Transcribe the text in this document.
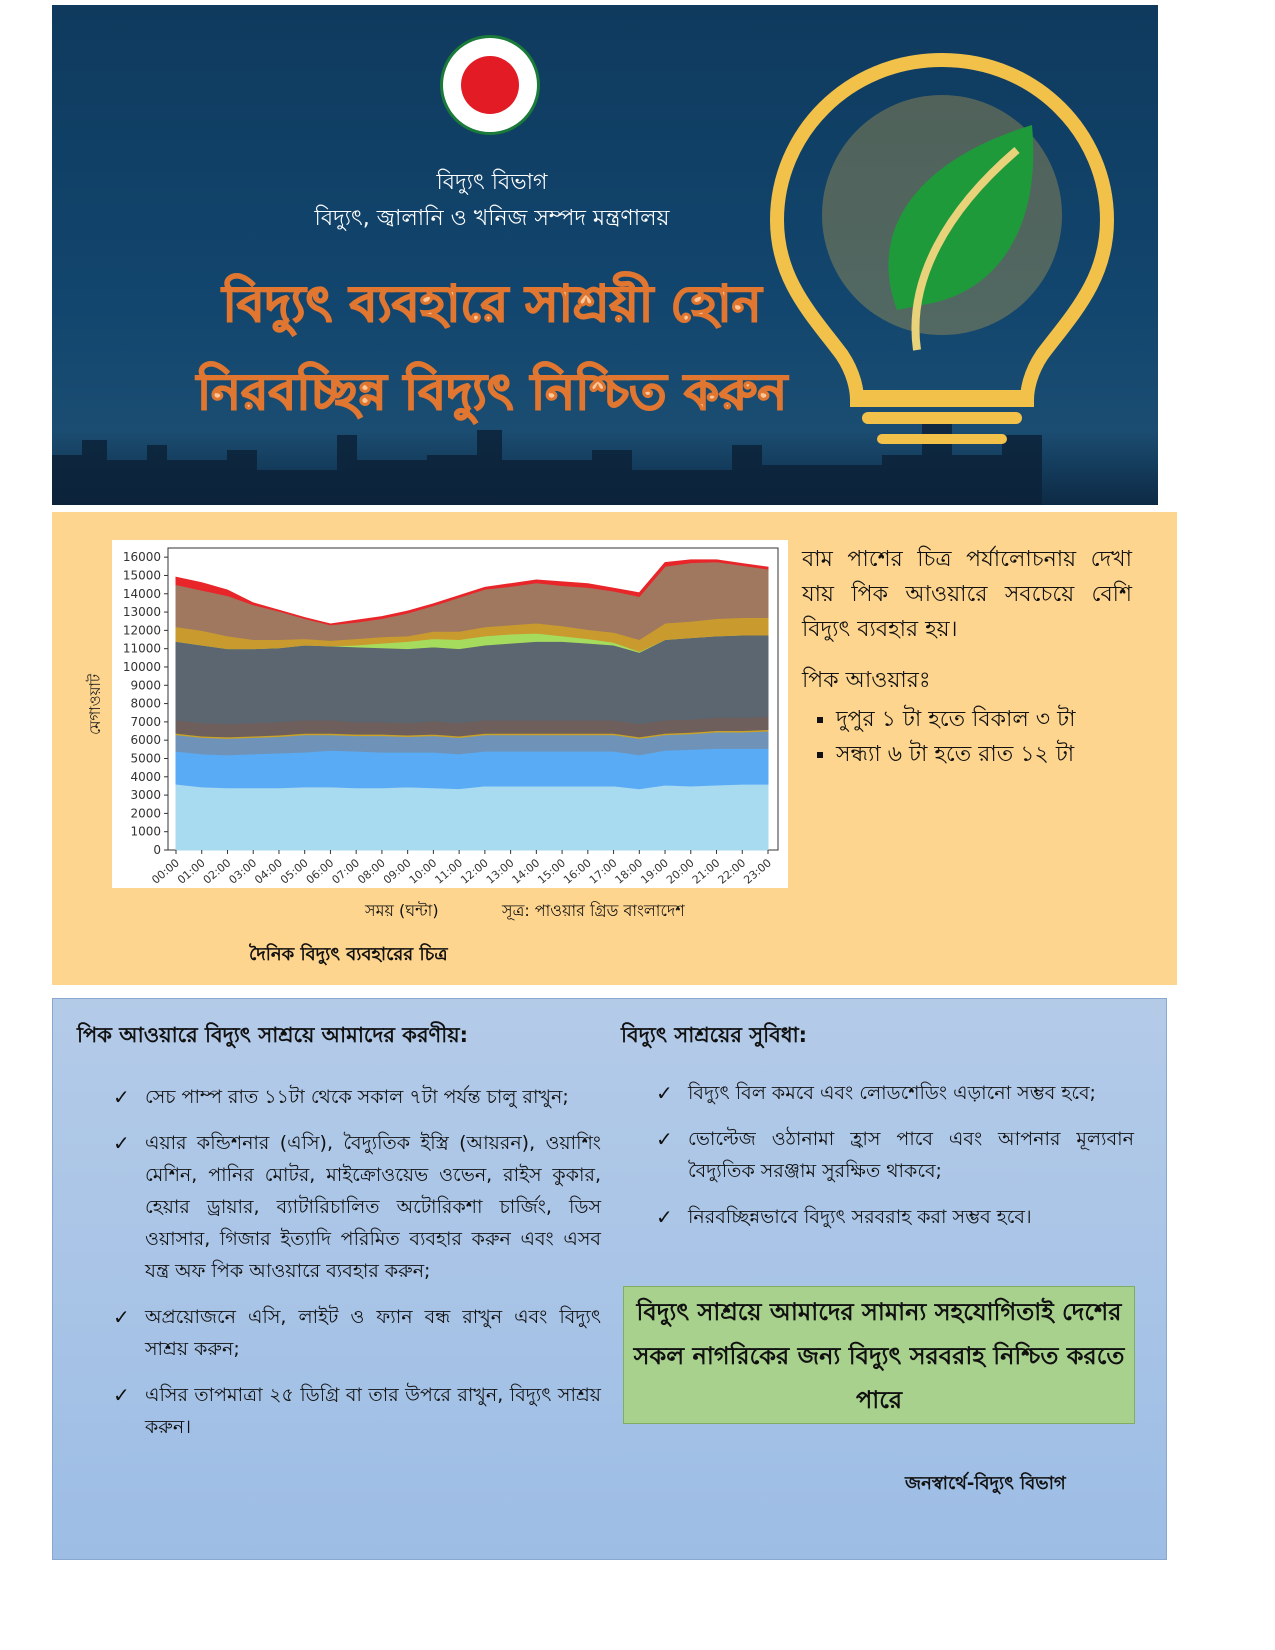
বিদ্যুৎ বিভাগ
বিদ্যুৎ, জ্বালানি ও খনিজ সম্পদ মন্ত্রণালয়
বিদ্যুৎ ব্যবহারে সাশ্রয়ী হোন
নিরবচ্ছিন্ন বিদ্যুৎ নিশ্চিত করুন
0
1000
2000
3000
4000
5000
6000
7000
8000
9000
10000
11000
12000
13000
14000
15000
16000
00:00
01:00
02:00
03:00
04:00
05:00
06:00
07:00
08:00
09:00
10:00
11:00
12:00
13:00
14:00
15:00
16:00
17:00
18:00
19:00
20:00
21:00
22:00
23:00
মেগাওয়াট
সময় (ঘন্টা)	সূত্র: পাওয়ার গ্রিড বাংলাদেশ
দৈনিক বিদ্যুৎ ব্যবহারের চিত্র
বাম পাশের চিত্র পর্যালোচনায় দেখা যায় পিক আওয়ারে সবচেয়ে বেশি বিদ্যুৎ ব্যবহার হয়।
পিক আওয়ারঃ
▪ দুপুর ১ টা হতে বিকাল ৩ টা
▪ সন্ধ্যা ৬ টা হতে রাত ১২ টা
পিক আওয়ারে বিদ্যুৎ সাশ্রয়ে আমাদের করণীয়:
✓ সেচ পাম্প রাত ১১টা থেকে সকাল ৭টা পর্যন্ত চালু রাখুন;
✓ এয়ার কন্ডিশনার (এসি), বৈদ্যুতিক ইস্ত্রি (আয়রন), ওয়াশিং মেশিন, পানির মোটর, মাইক্রোওয়েভ ওভেন, রাইস কুকার, হেয়ার ড্রায়ার, ব্যাটারিচালিত অটোরিকশা চার্জিং, ডিস ওয়াসার, গিজার ইত্যাদি পরিমিত ব্যবহার করুন এবং এসব যন্ত্র অফ পিক আওয়ারে ব্যবহার করুন;
✓ অপ্রয়োজনে এসি, লাইট ও ফ্যান বন্ধ রাখুন এবং বিদ্যুৎ সাশ্রয় করুন;
✓ এসির তাপমাত্রা ২৫ ডিগ্রি বা তার উপরে রাখুন, বিদ্যুৎ সাশ্রয় করুন।
বিদ্যুৎ সাশ্রয়ের সুবিধা:
✓ বিদ্যুৎ বিল কমবে এবং লোডশেডিং এড়ানো সম্ভব হবে;
✓ ভোল্টেজ ওঠানামা হ্রাস পাবে এবং আপনার মূল্যবান বৈদ্যুতিক সরঞ্জাম সুরক্ষিত থাকবে;
✓ নিরবচ্ছিন্নভাবে বিদ্যুৎ সরবরাহ করা সম্ভব হবে।
বিদ্যুৎ সাশ্রয়ে আমাদের সামান্য সহযোগিতাই দেশের সকল নাগরিকের জন্য বিদ্যুৎ সরবরাহ নিশ্চিত করতে পারে
জনস্বার্থে-বিদ্যুৎ বিভাগ
